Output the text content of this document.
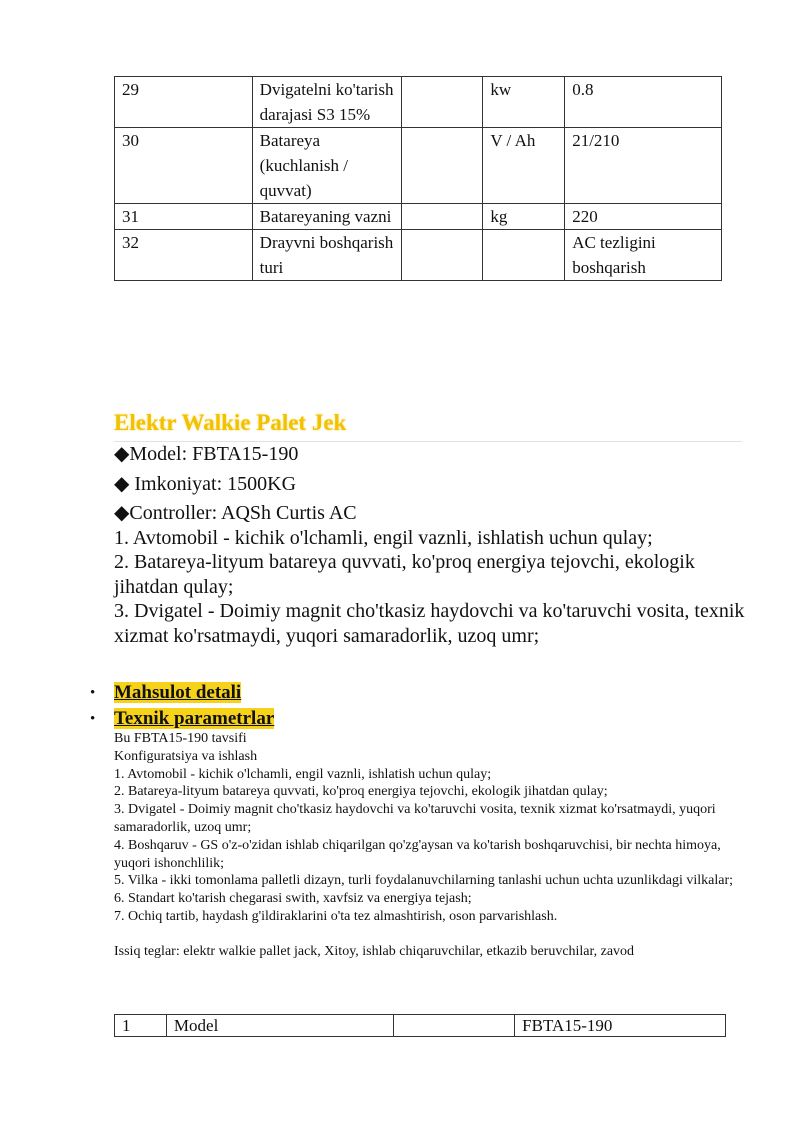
29	Dvigatelni ko'tarish darajasi S3 15%		kw	0.8
30	Batareya (kuchlanish / quvvat)		V / Ah	21/210
31	Batareyaning vazni		kg	220
32	Drayvni boshqarish turi			AC tezligini boshqarish
Elektr Walkie Palet Jek

◆Model: FBTA15-190

◆ Imkoniyat: 1500KG

◆Controller: AQSh Curtis AC

1. Avtomobil - kichik o'lchamli, engil vaznli, ishlatish uchun qulay;

2. Batareya-lityum batareya quvvati, ko'proq energiya tejovchi, ekologik jihatdan qulay;

3. Dvigatel - Doimiy magnit cho'tkasiz haydovchi va ko'taruvchi vosita, texnik xizmat ko'rsatmaydi, yuqori samaradorlik, uzoq umr;

• Mahsulot detali
• Texnik parametrlar

Bu FBTA15-190 tavsifi

Konfiguratsiya va ishlash

1. Avtomobil - kichik o'lchamli, engil vaznli, ishlatish uchun qulay;

2. Batareya-lityum batareya quvvati, ko'proq energiya tejovchi, ekologik jihatdan qulay;

3. Dvigatel - Doimiy magnit cho'tkasiz haydovchi va ko'taruvchi vosita, texnik xizmat ko'rsatmaydi, yuqori samaradorlik, uzoq umr;

4. Boshqaruv - GS o'z-o'zidan ishlab chiqarilgan qo'zg'aysan va ko'tarish boshqaruvchisi, bir nechta himoya, yuqori ishonchlilik;

5. Vilka - ikki tomonlama palletli dizayn, turli foydalanuvchilarning tanlashi uchun uchta uzunlikdagi vilkalar;

6. Standart ko'tarish chegarasi swith, xavfsiz va energiya tejash;

7. Ochiq tartib, haydash g'ildiraklarini o'ta tez almashtirish, oson parvarishlash.

Issiq teglar: elektr walkie pallet jack, Xitoy, ishlab chiqaruvchilar, etkazib beruvchilar, zavod

1	Model		FBTA15-190
